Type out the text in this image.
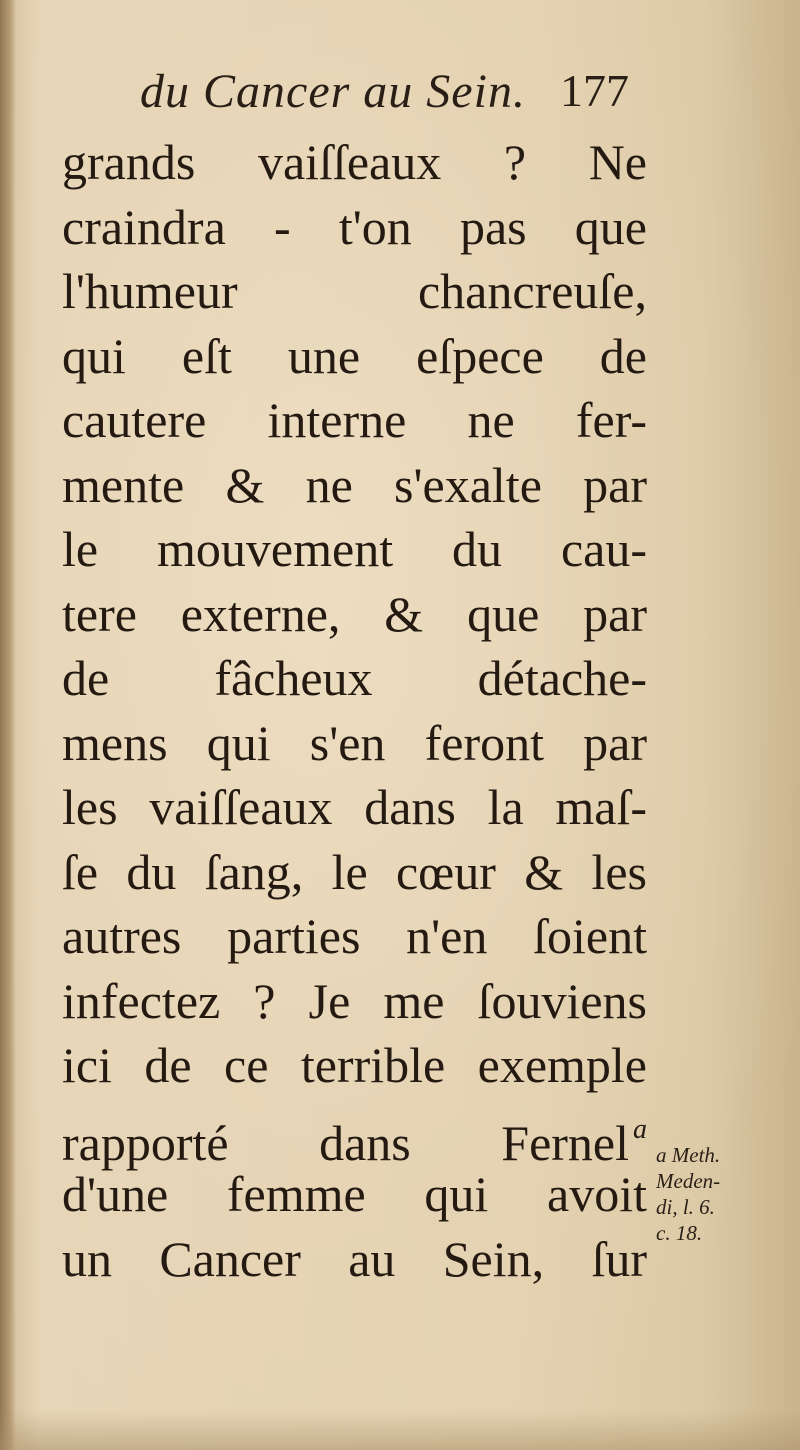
du Cancer au Sein. 177
grands vaiſſeaux ? Ne
craindra - t'on pas que
l'humeur chancreuſe,
qui eſt une eſpece de
cautere interne ne fer-
mente & ne s'exalte par
le mouvement du cau-
tere externe, & que par
de fâcheux détache-
mens qui s'en feront par
les vaiſſeaux dans la maſ-
ſe du ſang, le cœur & les
autres parties n'en ſoient
infectez ? Je me ſouviens
ici de ce terrible exemple
rapporté dans Fernel $^a$
d'une femme qui avoit
un Cancer au Sein, ſur
a Meth.
Meden-
di, l. 6.
c. 18.
